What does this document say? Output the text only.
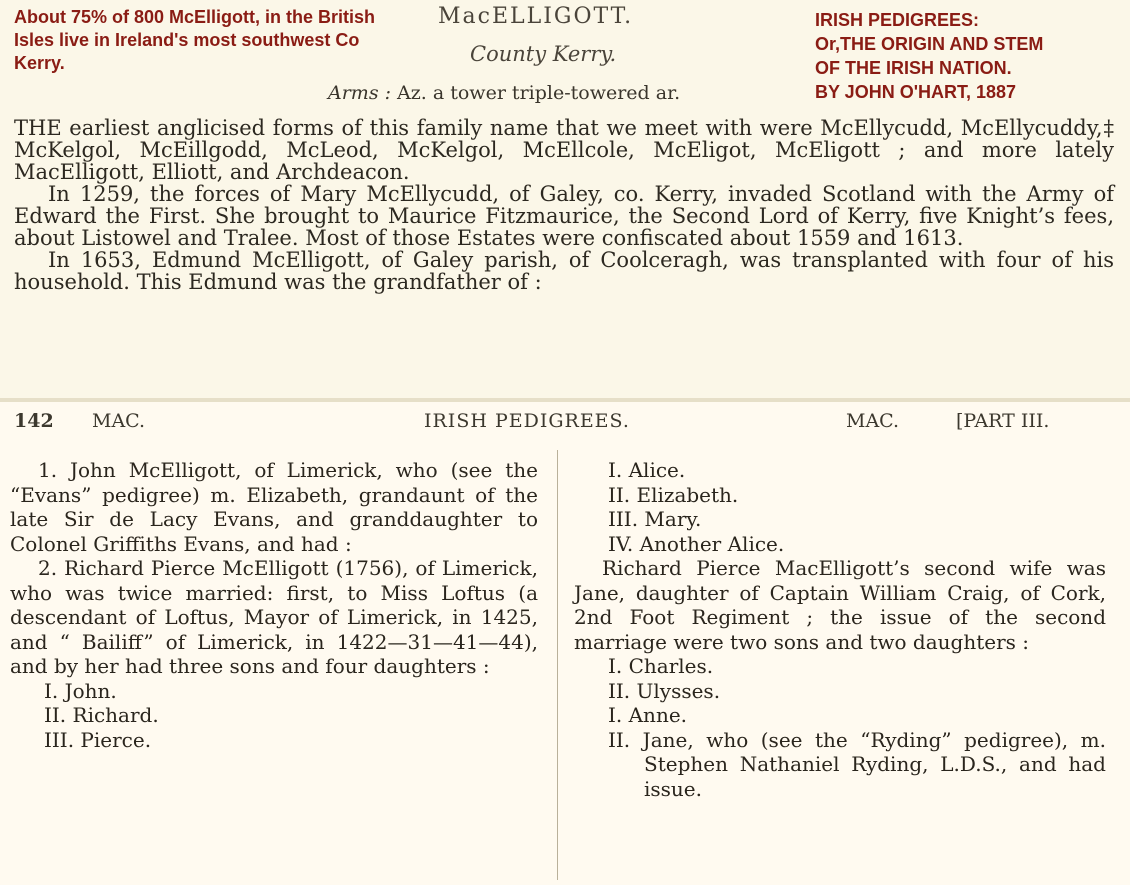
About 75% of 800 McElligott, in the British Isles live in Ireland's most southwest Co Kerry.
IRISH PEDIGREES:
Or,THE ORIGIN AND STEM
OF THE IRISH NATION.
BY JOHN O'HART, 1887
MacELLIGOTT.
County Kerry.
Arms : Az. a tower triple-towered ar.

THE earliest anglicised forms of this family name that we meet with were McEllycudd, McEllycuddy,‡ McKelgol, McEillgodd, McLeod, McKelgol, McEllcole, McEligot, McEligott ; and more lately MacElligott, Elliott, and Archdeacon.

In 1259, the forces of Mary McEllycudd, of Galey, co. Kerry, invaded Scotland with the Army of Edward the First. She brought to Maurice Fitzmaurice, the Second Lord of Kerry, five Knight’s fees, about Listowel and Tralee. Most of those Estates were confiscated about 1559 and 1613.

In 1653, Edmund McElligott, of Galey parish, of Coolceragh, was transplanted with four of his household. This Edmund was the grandfather of :

142 MAC.	IRISH PEDIGREES.	MAC.	[PART III.

1. John McElligott, of Limerick, who (see the “Evans” pedigree) m. Elizabeth, grandaunt of the late Sir de Lacy Evans, and granddaughter to Colonel Griffiths Evans, and had :

2. Richard Pierce McElligott (1756), of Limerick, who was twice married: first, to Miss Loftus (a descendant of Loftus, Mayor of Limerick, in 1425, and “ Bailiff” of Limerick, in 1422—31—41—44), and by her had three sons and four daughters :

I. John.
II. Richard.
III. Pierce.
I. Alice.
II. Elizabeth.
III. Mary.
IV. Another Alice.

Richard Pierce MacElligott’s second wife was Jane, daughter of Captain William Craig, of Cork, 2nd Foot Regiment ; the issue of the second marriage were two sons and two daughters :

I. Charles.
II. Ulysses.
I. Anne.
II. Jane, who (see the “Ryding” pedigree), m. Stephen Nathaniel Ryding, L.D.S., and had issue.
